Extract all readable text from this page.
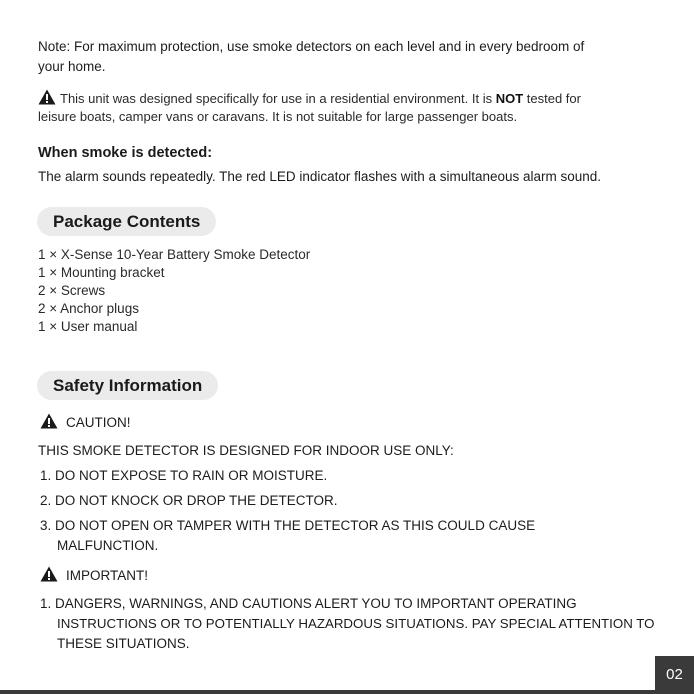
Note: For maximum protection, use smoke detectors on each level and in every bedroom of
your home.
This unit was designed specifically for use in a residential environment. It is NOT tested for
leisure boats, camper vans or caravans. It is not suitable for large passenger boats.
When smoke is detected:
The alarm sounds repeatedly. The red LED indicator flashes with a simultaneous alarm sound.
Package Contents
1 × X-Sense 10-Year Battery Smoke Detector
1 × Mounting bracket
2 × Screws
2 × Anchor plugs
1 × User manual
Safety Information
CAUTION!
THIS SMOKE DETECTOR IS DESIGNED FOR INDOOR USE ONLY:
1. DO NOT EXPOSE TO RAIN OR MOISTURE.
2. DO NOT KNOCK OR DROP THE DETECTOR.
3. DO NOT OPEN OR TAMPER WITH THE DETECTOR AS THIS COULD CAUSE
MALFUNCTION.
IMPORTANT!
1. DANGERS, WARNINGS, AND CAUTIONS ALERT YOU TO IMPORTANT OPERATING
INSTRUCTIONS OR TO POTENTIALLY HAZARDOUS SITUATIONS. PAY SPECIAL ATTENTION TO
THESE SITUATIONS.
02
